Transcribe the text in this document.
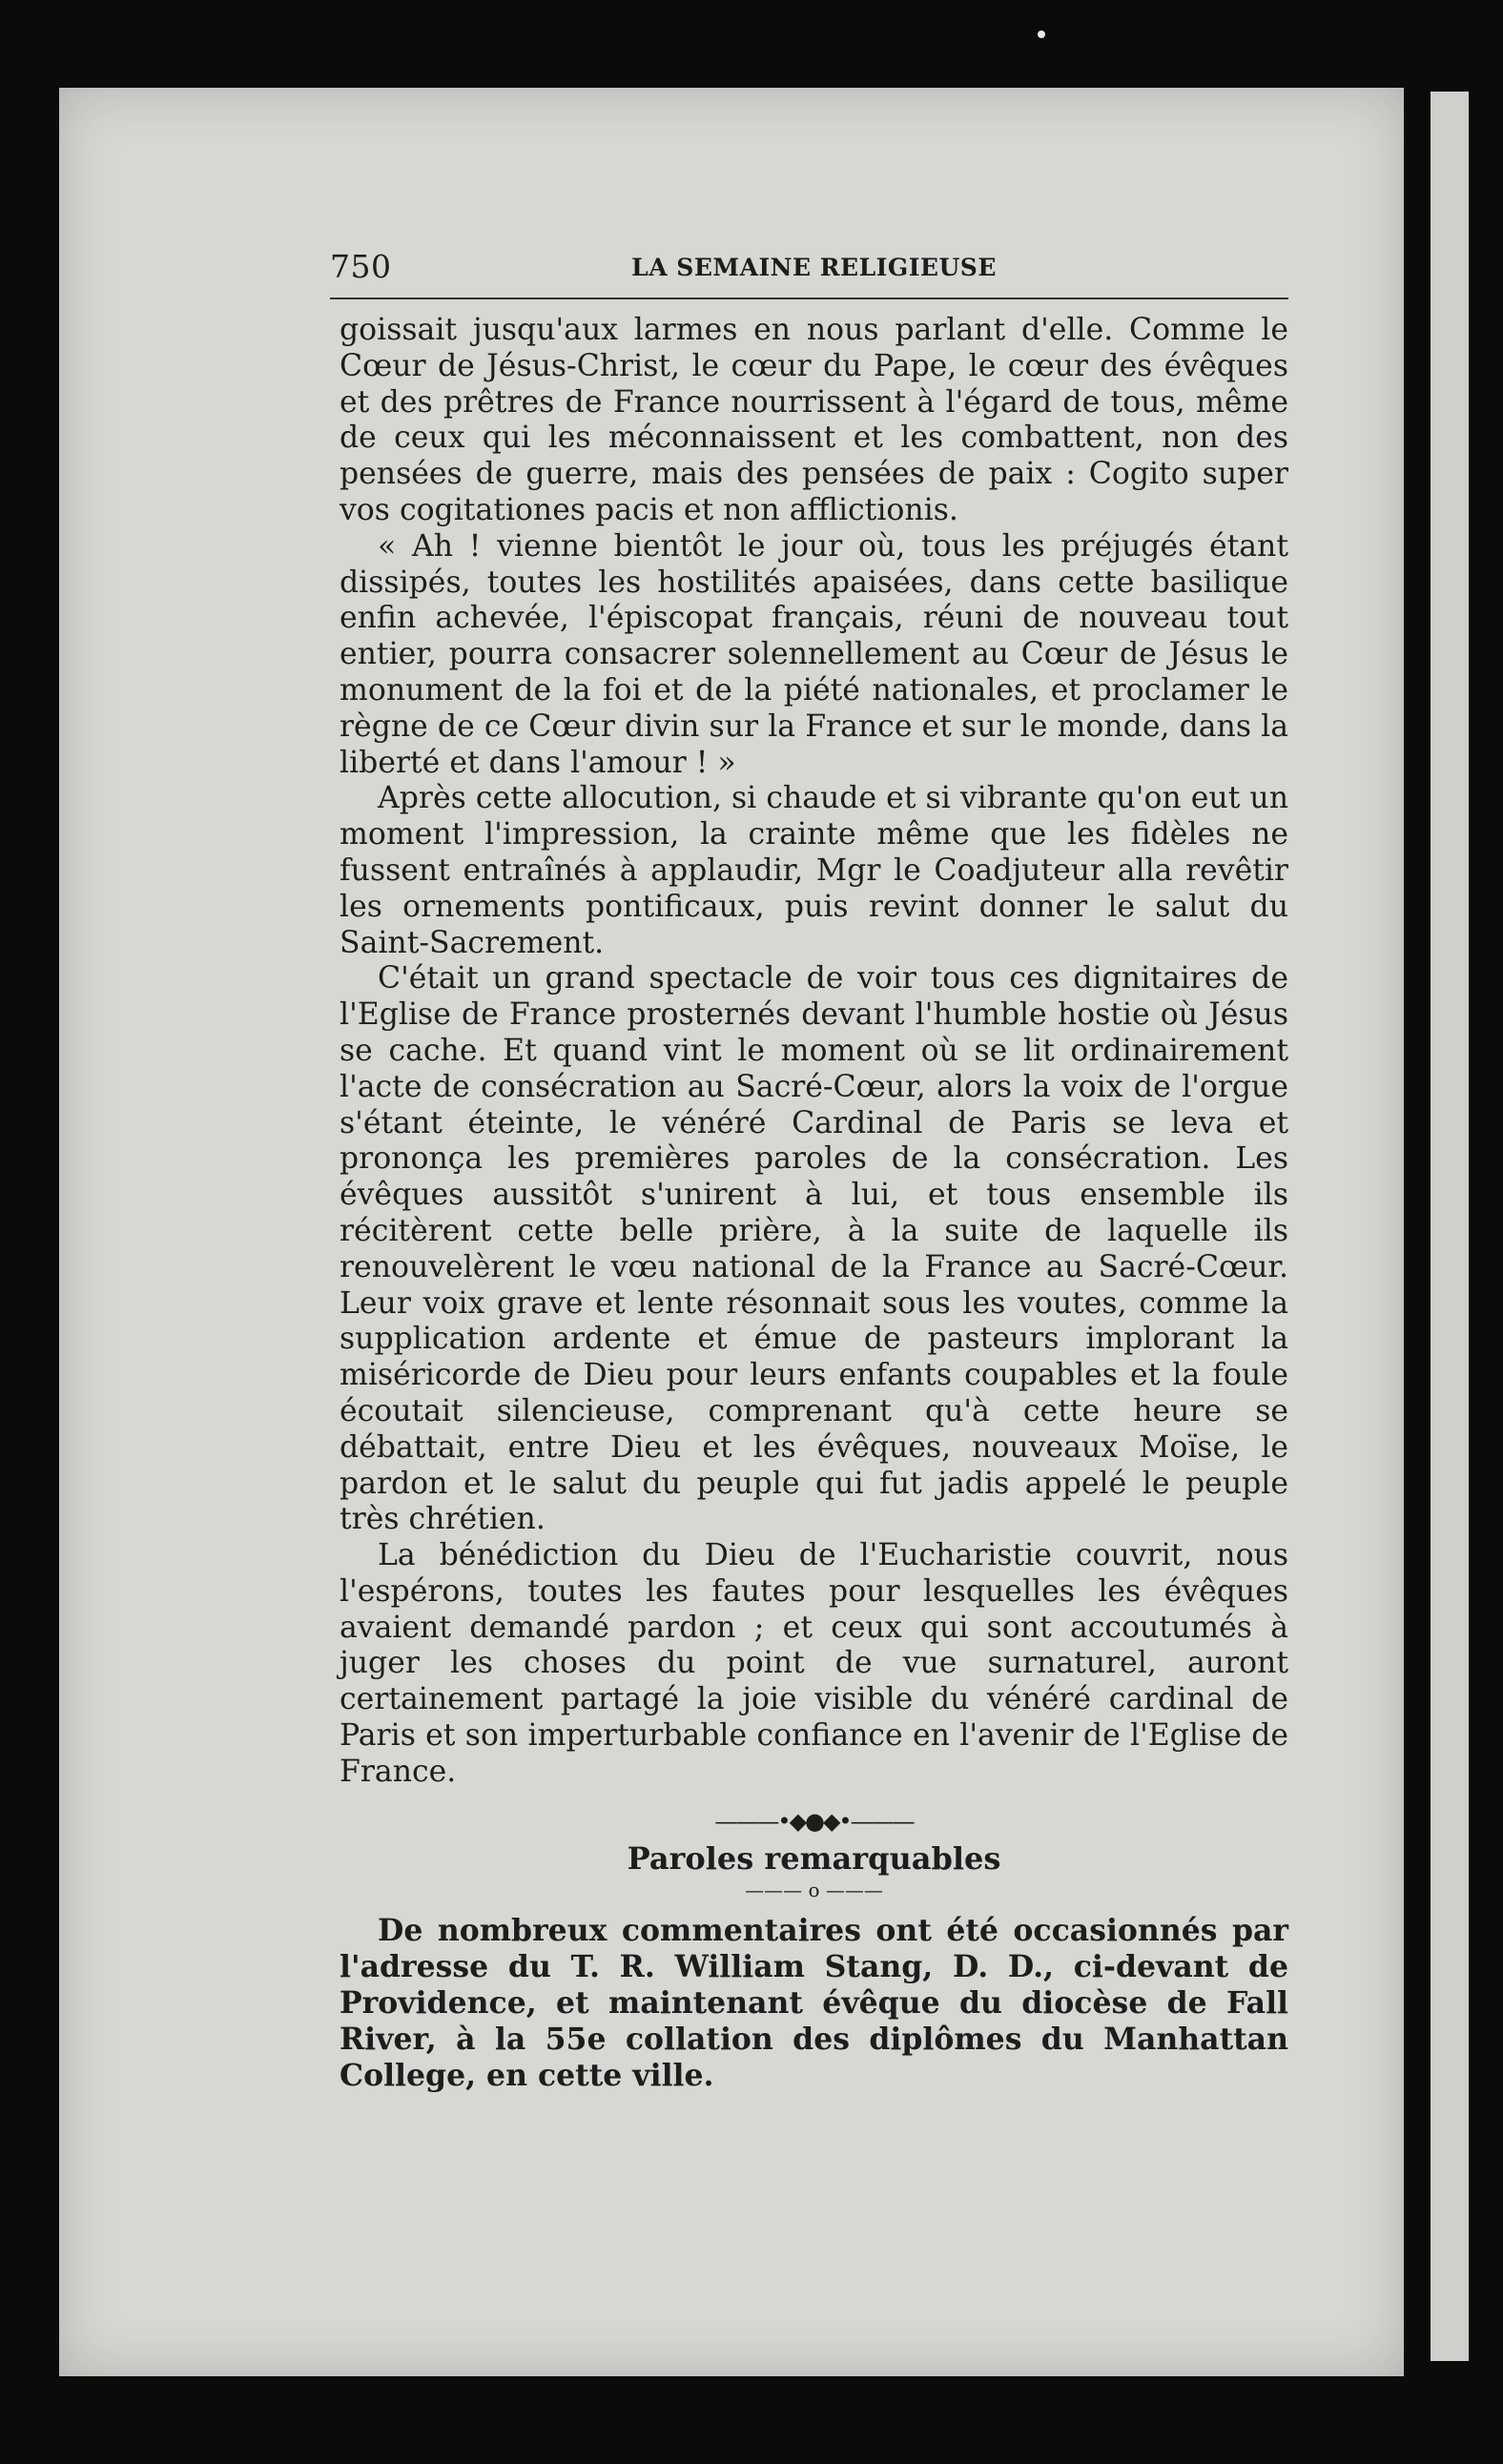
750	LA SEMAINE RELIGIEUSE

goissait jusqu'aux larmes en nous parlant d'elle. Comme le Cœur de Jésus-Christ, le cœur du Pape, le cœur des évêques et des prêtres de France nourrissent à l'égard de tous, même de ceux qui les méconnaissent et les combattent, non des pensées de guerre, mais des pensées de paix : Cogito super vos cogitationes pacis et non afflictionis.

« Ah ! vienne bientôt le jour où, tous les préjugés étant dissipés, toutes les hostilités apaisées, dans cette basilique enfin achevée, l'épiscopat français, réuni de nouveau tout entier, pourra consacrer solennellement au Cœur de Jésus le monument de la foi et de la piété nationales, et proclamer le règne de ce Cœur divin sur la France et sur le monde, dans la liberté et dans l'amour ! »

Après cette allocution, si chaude et si vibrante qu'on eut un moment l'impression, la crainte même que les fidèles ne fussent entraînés à applaudir, Mgr le Coadjuteur alla revêtir les ornements pontificaux, puis revint donner le salut du Saint-Sacrement.

C'était un grand spectacle de voir tous ces dignitaires de l'Eglise de France prosternés devant l'humble hostie où Jésus se cache. Et quand vint le moment où se lit ordinairement l'acte de consécration au Sacré-Cœur, alors la voix de l'orgue s'étant éteinte, le vénéré Cardinal de Paris se leva et prononça les premières paroles de la consécration. Les évêques aussitôt s'unirent à lui, et tous ensemble ils récitèrent cette belle prière, à la suite de laquelle ils renouvelèrent le vœu national de la France au Sacré-Cœur. Leur voix grave et lente résonnait sous les voutes, comme la supplication ardente et émue de pasteurs implorant la miséricorde de Dieu pour leurs enfants coupables et la foule écoutait silencieuse, comprenant qu'à cette heure se débattait, entre Dieu et les évêques, nouveaux Moïse, le pardon et le salut du peuple qui fut jadis appelé le peuple très chrétien.

La bénédiction du Dieu de l'Eucharistie couvrit, nous l'espérons, toutes les fautes pour lesquelles les évêques avaient demandé pardon ; et ceux qui sont accoutumés à juger les choses du point de vue surnaturel, auront certainement partagé la joie visible du vénéré cardinal de Paris et son imperturbable confiance en l'avenir de l'Eglise de France.

———•◆●◆•———
Paroles remarquables
——— o ———

De nombreux commentaires ont été occasionnés par l'adresse du T. R. William Stang, D. D., ci-devant de Providence, et maintenant évêque du diocèse de Fall River, à la 55e collation des diplômes du Manhattan College, en cette ville.
